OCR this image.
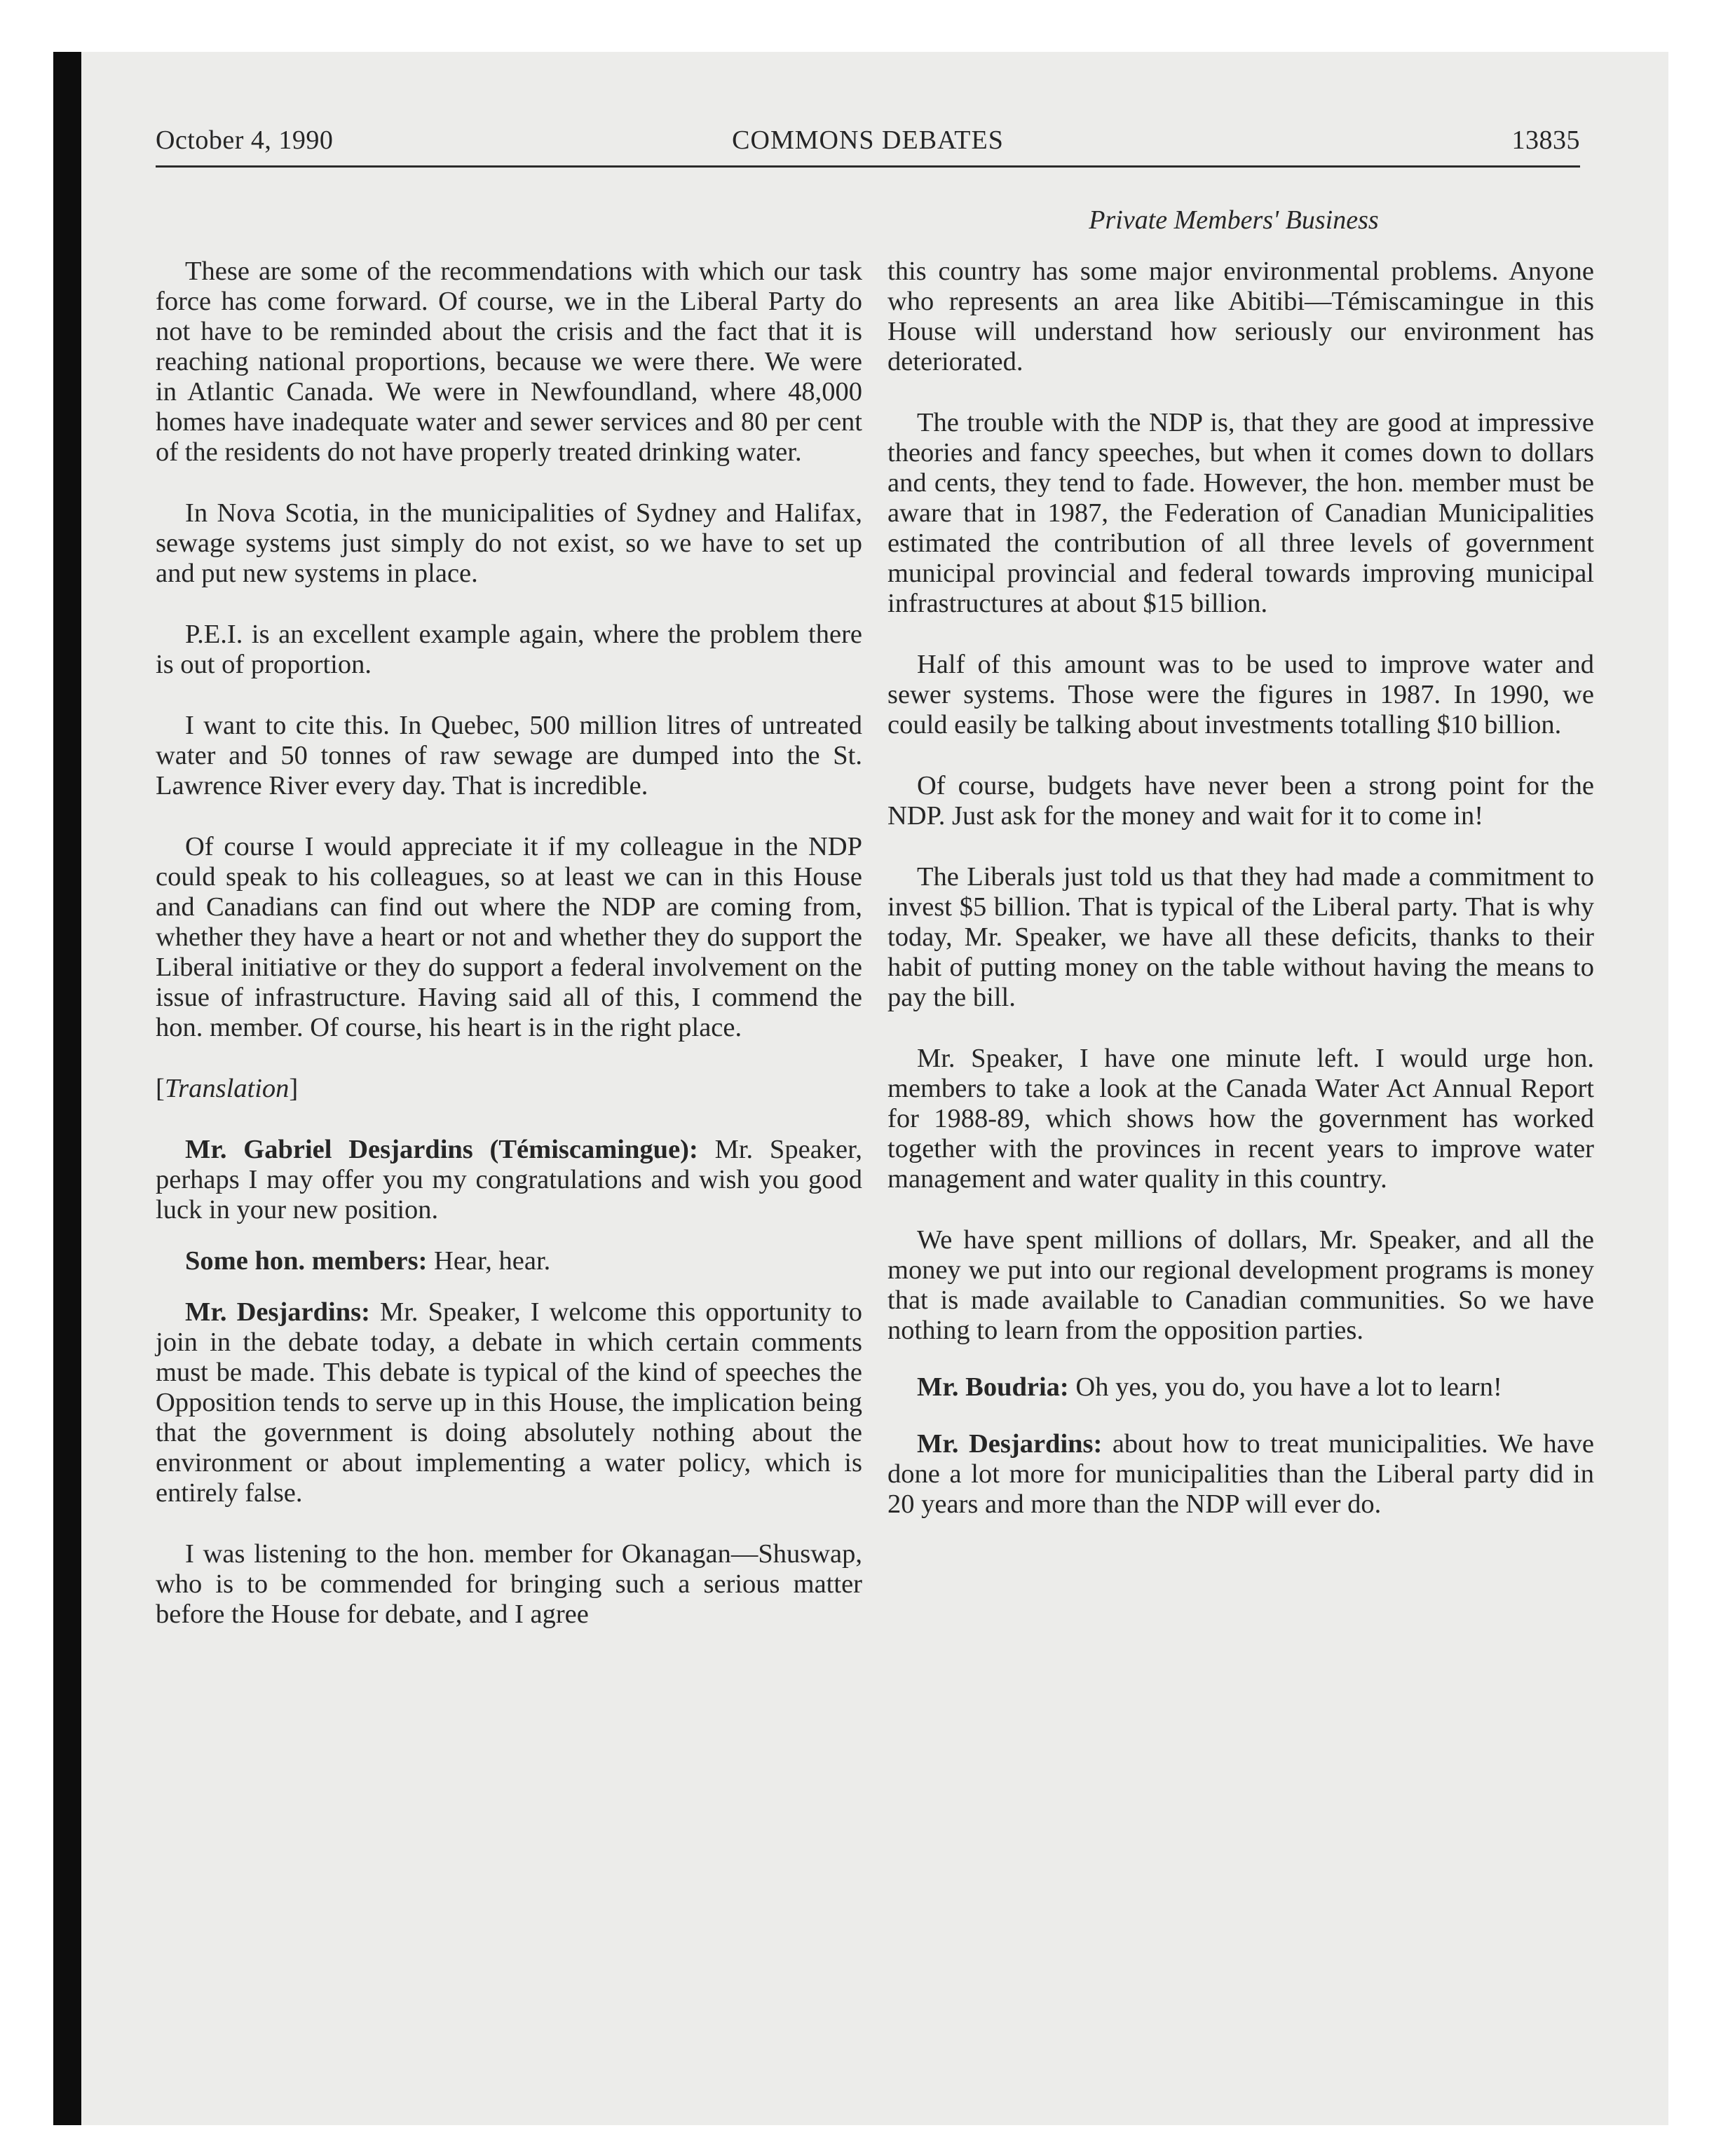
October 4, 1990	COMMONS DEBATES	13835
Private Members' Business

These are some of the recommendations with which our task force has come forward. Of course, we in the Liberal Party do not have to be reminded about the crisis and the fact that it is reaching national proportions, because we were there. We were in Atlantic Canada. We were in Newfoundland, where 48,000 homes have inadequate water and sewer services and 80 per cent of the residents do not have properly treated drinking water.

In Nova Scotia, in the municipalities of Sydney and Halifax, sewage systems just simply do not exist, so we have to set up and put new systems in place.

P.E.I. is an excellent example again, where the problem there is out of proportion.

I want to cite this. In Quebec, 500 million litres of untreated water and 50 tonnes of raw sewage are dumped into the St. Lawrence River every day. That is incredible.

Of course I would appreciate it if my colleague in the NDP could speak to his colleagues, so at least we can in this House and Canadians can find out where the NDP are coming from, whether they have a heart or not and whether they do support the Liberal initiative or they do support a federal involvement on the issue of infrastructure. Having said all of this, I commend the hon. member. Of course, his heart is in the right place.

[Translation]

Mr. Gabriel Desjardins (Témiscamingue): Mr. Speaker, perhaps I may offer you my congratulations and wish you good luck in your new position.

Some hon. members: Hear, hear.

Mr. Desjardins: Mr. Speaker, I welcome this opportunity to join in the debate today, a debate in which certain comments must be made. This debate is typical of the kind of speeches the Opposition tends to serve up in this House, the implication being that the government is doing absolutely nothing about the environment or about implementing a water policy, which is entirely false.

I was listening to the hon. member for Okanagan—Shuswap, who is to be commended for bringing such a serious matter before the House for debate, and I agree

this country has some major environmental problems. Anyone who represents an area like Abitibi—Témiscamingue in this House will understand how seriously our environment has deteriorated.

The trouble with the NDP is, that they are good at impressive theories and fancy speeches, but when it comes down to dollars and cents, they tend to fade. However, the hon. member must be aware that in 1987, the Federation of Canadian Municipalities estimated the contribution of all three levels of government municipal provincial and federal towards improving municipal infrastructures at about $15 billion.

Half of this amount was to be used to improve water and sewer systems. Those were the figures in 1987. In 1990, we could easily be talking about investments totalling $10 billion.

Of course, budgets have never been a strong point for the NDP. Just ask for the money and wait for it to come in!

The Liberals just told us that they had made a commitment to invest $5 billion. That is typical of the Liberal party. That is why today, Mr. Speaker, we have all these deficits, thanks to their habit of putting money on the table without having the means to pay the bill.

Mr. Speaker, I have one minute left. I would urge hon. members to take a look at the Canada Water Act Annual Report for 1988-89, which shows how the government has worked together with the provinces in recent years to improve water management and water quality in this country.

We have spent millions of dollars, Mr. Speaker, and all the money we put into our regional development programs is money that is made available to Canadian communities. So we have nothing to learn from the opposition parties.

Mr. Boudria: Oh yes, you do, you have a lot to learn!

Mr. Desjardins: about how to treat municipalities. We have done a lot more for municipalities than the Liberal party did in 20 years and more than the NDP will ever do.
